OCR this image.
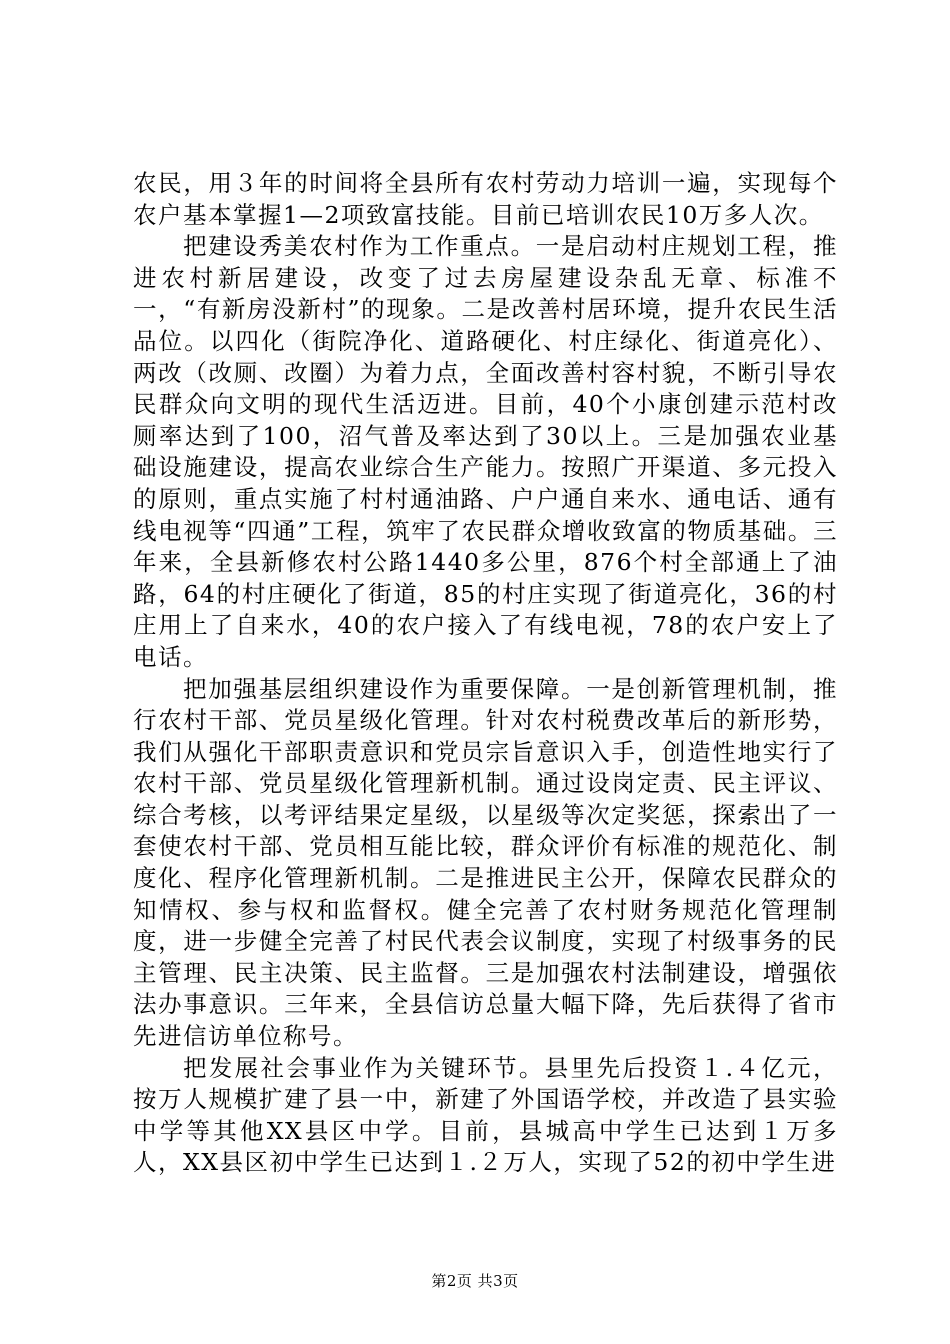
农民，用３年的时间将全县所有农村劳动力培训一遍，实现每个农户基本掌握1—2项致富技能。目前已培训农民10万多人次。

把建设秀美农村作为工作重点。一是启动村庄规划工程，推进农村新居建设，改变了过去房屋建设杂乱无章、标准不一，“有新房没新村”的现象。二是改善村居环境，提升农民生活品位。以四化（街院净化、道路硬化、村庄绿化、街道亮化）、两改（改厕、改圈）为着力点，全面改善村容村貌，不断引导农民群众向文明的现代生活迈进。目前，40个小康创建示范村改厕率达到了100，沼气普及率达到了30以上。三是加强农业基础设施建设，提高农业综合生产能力。按照广开渠道、多元投入的原则，重点实施了村村通油路、户户通自来水、通电话、通有线电视等“四通”工程，筑牢了农民群众增收致富的物质基础。三年来，全县新修农村公路1440多公里，876个村全部通上了油路，64的村庄硬化了街道，85的村庄实现了街道亮化，36的村庄用上了自来水，40的农户接入了有线电视，78的农户安上了电话。

把加强基层组织建设作为重要保障。一是创新管理机制，推行农村干部、党员星级化管理。针对农村税费改革后的新形势，我们从强化干部职责意识和党员宗旨意识入手，创造性地实行了农村干部、党员星级化管理新机制。通过设岗定责、民主评议、综合考核，以考评结果定星级，以星级等次定奖惩，探索出了一套使农村干部、党员相互能比较，群众评价有标准的规范化、制度化、程序化管理新机制。二是推进民主公开，保障农民群众的知情权、参与权和监督权。健全完善了农村财务规范化管理制度，进一步健全完善了村民代表会议制度，实现了村级事务的民主管理、民主决策、民主监督。三是加强农村法制建设，增强依法办事意识。三年来，全县信访总量大幅下降，先后获得了省市先进信访单位称号。

把发展社会事业作为关键环节。县里先后投资１.４亿元，按万人规模扩建了县一中，新建了外国语学校，并改造了县实验中学等其他XX县区中学。目前，县城高中学生已达到１万多人，XX县区初中学生已达到１.２万人，实现了52的初中学生进

第2页 共3页
